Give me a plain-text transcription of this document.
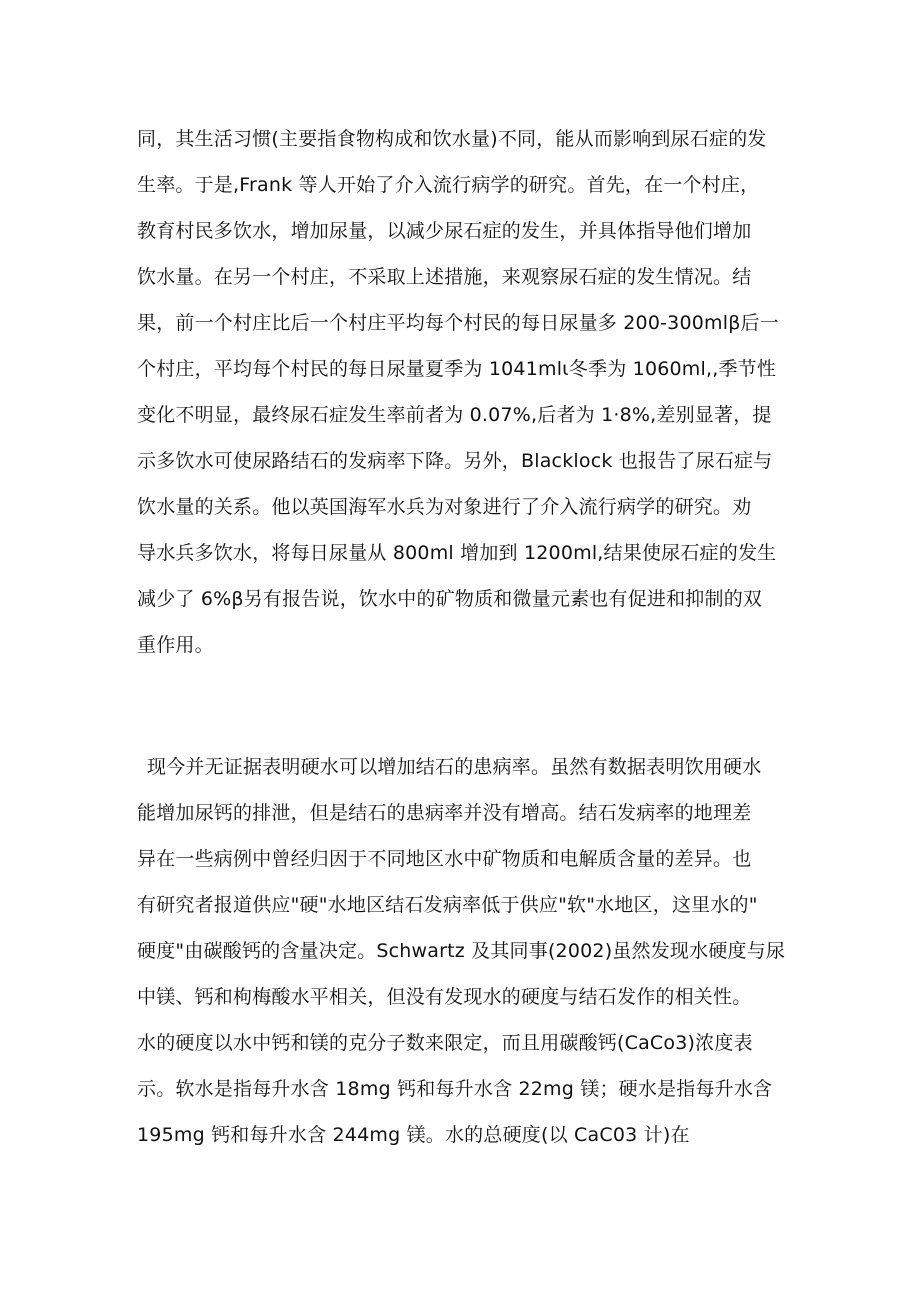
同，其生活习惯(主要指食物构成和饮水量)不同，能从而影响到尿石症的发
生率。于是,Frank 等人开始了介入流行病学的研究。首先，在一个村庄，
教育村民多饮水，增加尿量，以减少尿石症的发生，并具体指导他们增加
饮水量。在另一个村庄，不采取上述措施，来观察尿石症的发生情况。结
果，前一个村庄比后一个村庄平均每个村民的每日尿量多 200-300mlβ后一
个村庄，平均每个村民的每日尿量夏季为 1041mlι冬季为 1060ml,,季节性
变化不明显，最终尿石症发生率前者为 0.07%,后者为 1·8%,差别显著，提
示多饮水可使尿路结石的发病率下降。另外，Blacklock 也报告了尿石症与
饮水量的关系。他以英国海军水兵为对象进行了介入流行病学的研究。劝
导水兵多饮水，将每日尿量从 800ml 增加到 1200ml,结果使尿石症的发生
减少了 6%β另有报告说，饮水中的矿物质和微量元素也有促进和抑制的双
重作用。
现今并无证据表明硬水可以增加结石的患病率。虽然有数据表明饮用硬水
能增加尿钙的排泄，但是结石的患病率并没有增高。结石发病率的地理差
异在一些病例中曾经归因于不同地区水中矿物质和电解质含量的差异。也
有研究者报道供应"硬"水地区结石发病率低于供应"软"水地区，这里水的"
硬度"由碳酸钙的含量决定。Schwartz 及其同事(2002)虽然发现水硬度与尿
中镁、钙和枸梅酸水平相关，但没有发现水的硬度与结石发作的相关性。
水的硬度以水中钙和镁的克分子数来限定，而且用碳酸钙(CaCo3)浓度表
示。软水是指每升水含 18mg 钙和每升水含 22mg 镁；硬水是指每升水含
195mg 钙和每升水含 244mg 镁。水的总硬度(以 CaC03 计)在
